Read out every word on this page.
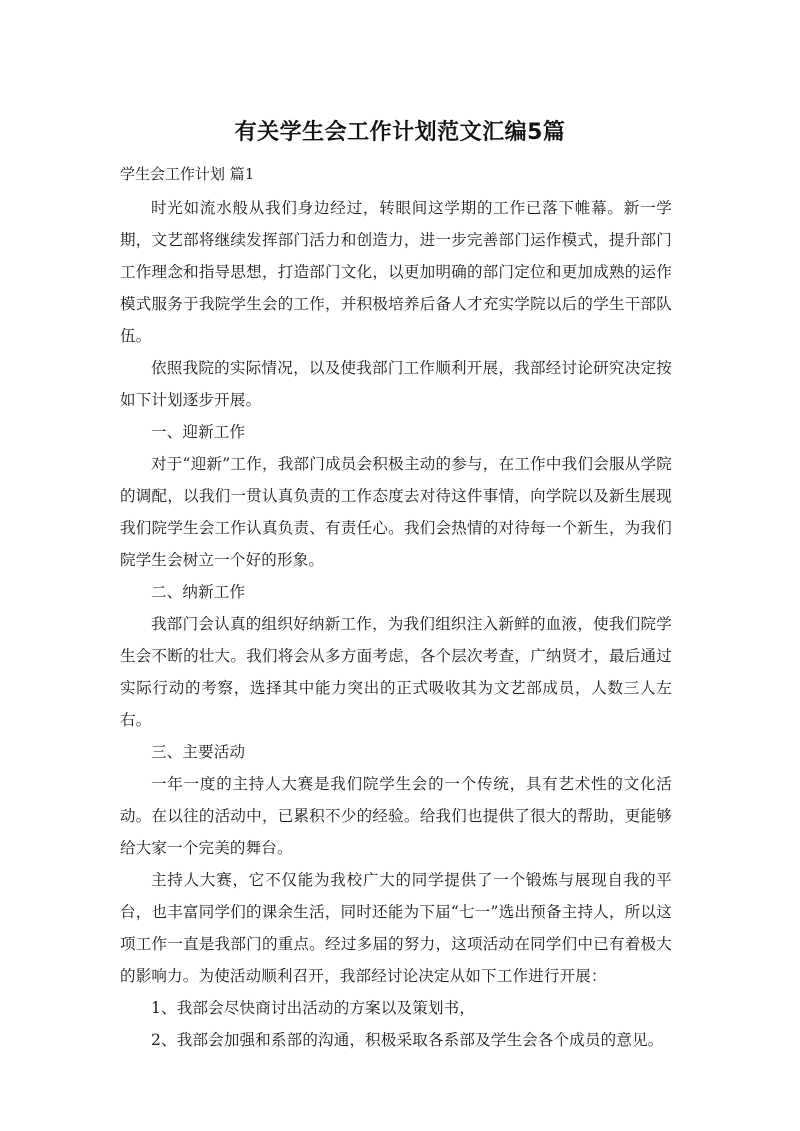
有关学生会工作计划范文汇编5篇
学生会工作计划 篇1

时光如流水般从我们身边经过，转眼间这学期的工作已落下帷幕。新一学期，文艺部将继续发挥部门活力和创造力，进一步完善部门运作模式，提升部门工作理念和指导思想，打造部门文化，以更加明确的部门定位和更加成熟的运作模式服务于我院学生会的工作，并积极培养后备人才充实学院以后的学生干部队伍。

依照我院的实际情况，以及使我部门工作顺利开展，我部经讨论研究决定按如下计划逐步开展。

一、迎新工作

对于“迎新”工作，我部门成员会积极主动的参与，在工作中我们会服从学院的调配，以我们一贯认真负责的工作态度去对待这件事情，向学院以及新生展现我们院学生会工作认真负责、有责任心。我们会热情的对待每一个新生，为我们院学生会树立一个好的形象。

二、纳新工作

我部门会认真的组织好纳新工作，为我们组织注入新鲜的血液，使我们院学生会不断的壮大。我们将会从多方面考虑，各个层次考查，广纳贤才，最后通过实际行动的考察，选择其中能力突出的正式吸收其为文艺部成员，人数三人左右。

三、主要活动

一年一度的主持人大赛是我们院学生会的一个传统，具有艺术性的文化活动。在以往的活动中，已累积不少的经验。给我们也提供了很大的帮助，更能够给大家一个完美的舞台。

主持人大赛，它不仅能为我校广大的同学提供了一个锻炼与展现自我的平台，也丰富同学们的课余生活，同时还能为下届“七一”选出预备主持人，所以这项工作一直是我部门的重点。经过多届的努力，这项活动在同学们中已有着极大的影响力。为使活动顺利召开，我部经讨论决定从如下工作进行开展：

1、我部会尽快商讨出活动的方案以及策划书，

2、我部会加强和系部的沟通，积极采取各系部及学生会各个成员的意见。
